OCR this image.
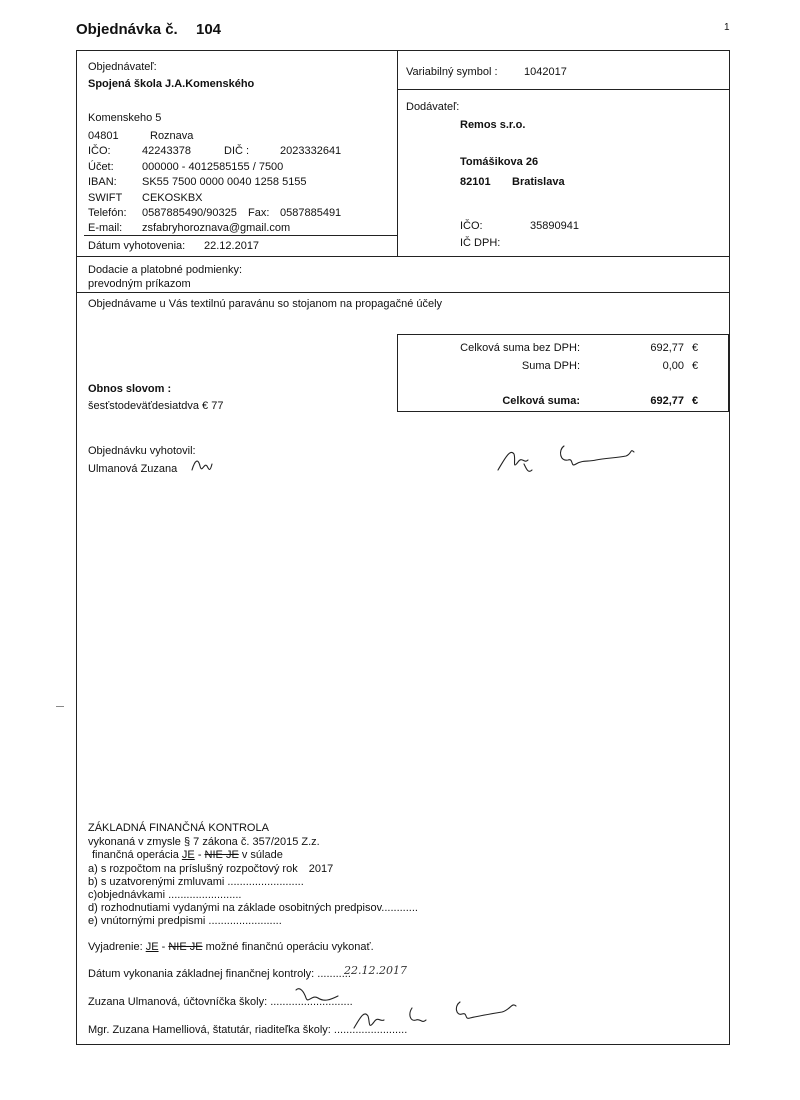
Objednávka č. 104	1
Objednávateľ:
Spojená škola J.A.Komenského
Komenskeho 5
04801	Roznava
IČO:	42243378	DIČ :	2023332641
Účet:	000000 - 4012585155 / 7500
IBAN: SK55 7500 0000 0040 1258 5155
SWIFT CEKOSKBX
Telefón: 0587885490/90325 Fax: 0587885491
E-mail: zsfabryhoroznava@gmail.com
Dátum vyhotovenia: 22.12.2017
Variabilný symbol : 1042017
Dodávateľ:
Remos s.r.o.
Tomášikova 26
82101 Bratislava
IČO:	35890941
IČ DPH:
Dodacie a platobné podmienky:
prevodným príkazom
Objednávame u Vás textilnú paravánu so stojanom na propagačné účely
Celková suma bez DPH:	692,77 €
Suma DPH:	0,00 €
Celková suma:	692,77 €
Obnos slovom :
šesťstodeväťdesiatdva € 77
Objednávku vyhotovil:
Ulmanová Zuzana
ZÁKLADNÁ FINANČNÁ KONTROLA
vykonaná v zmysle § 7 zákona č. 357/2015 Z.z.
finančná operácia JE - NIE JE v súlade
a) s rozpočtom na príslušný rozpočtový rok 2017
b) s uzatvorenými zmluvami .........................
c)objednávkami ........................
d) rozhodnutiami vydanými na základe osobitných predpisov............
e) vnútornými predpismi ........................
Vyjadrenie: JE - NIE JE možné finančnú operáciu vykonať.
Dátum vykonania základnej finančnej kontroly: ...........
22.12.2017
Zuzana Ulmanová, účtovníčka školy: ...........................
Mgr. Zuzana Hamelliová, štatutár, riaditeľka školy: ........................
